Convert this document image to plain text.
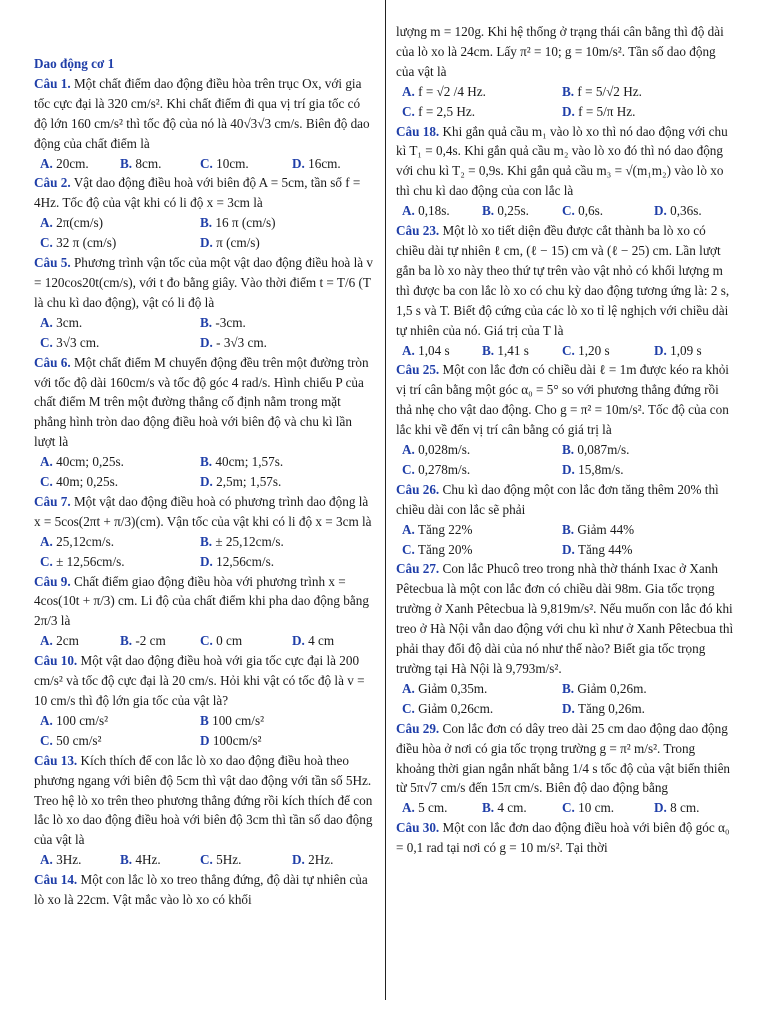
Dao động cơ 1
Câu 1. Một chất điểm dao động điều hòa trên trục Ox, với gia tốc cực đại là 320 cm/s². Khi chất điểm đi qua vị trí gia tốc có độ lớn 160 cm/s² thì tốc độ của nó là 40√3√3 cm/s. Biên độ dao động của chất điểm là
A. 20cm.	B. 8cm.	C. 10cm.	D. 16cm.
Câu 2. Vật dao động điều hoà với biên độ A = 5cm, tần số f = 4Hz. Tốc độ của vật khi có li độ x = 3cm là
A. 2π(cm/s)	B. 16 π (cm/s)
C. 32 π (cm/s)	D. π (cm/s)
Câu 5. Phương trình vận tốc của một vật dao động điều hoà là v = 120cos20t(cm/s), với t đo bằng giây. Vào thời điểm t = T/6 (T là chu kì dao động), vật có li độ là
A. 3cm.	B. -3cm.
C. 3√3 cm.	D. - 3√3 cm.
Câu 6. Một chất điểm M chuyển động đều trên một đường tròn với tốc độ dài 160cm/s và tốc độ góc 4 rad/s. Hình chiếu P của chất điểm M trên một đường thẳng cố định nằm trong mặt phẳng hình tròn dao động điều hoà với biên độ và chu kì lần lượt là
A. 40cm; 0,25s.	B. 40cm; 1,57s.
C. 40m; 0,25s.	D. 2,5m; 1,57s.
Câu 7. Một vật dao động điều hoà có phương trình dao động là x = 5cos(2πt + π/3)(cm). Vận tốc của vật khi có li độ x = 3cm là
A. 25,12cm/s.	B. ± 25,12cm/s.
C. ± 12,56cm/s.	D. 12,56cm/s.
Câu 9. Chất điểm giao động điều hòa với phương trình x = 4cos(10t + π/3) cm. Li độ của chất điểm khi pha dao động bằng 2π/3 là
A. 2cm	B. -2 cm	C. 0 cm	D. 4 cm
Câu 10. Một vật dao động điều hoà với gia tốc cực đại là 200 cm/s² và tốc độ cực đại là 20 cm/s. Hỏi khi vật có tốc độ là v = 10 cm/s thì độ lớn gia tốc của vật là?
A. 100 cm/s²	B 100 cm/s²
C. 50 cm/s²	D 100cm/s²
Câu 13. Kích thích để con lắc lò xo dao động điều hoà theo phương ngang với biên độ 5cm thì vật dao động với tần số 5Hz. Treo hệ lò xo trên theo phương thẳng đứng rồi kích thích để con lắc lò xo dao động điều hoà với biên độ 3cm thì tần số dao động của vật là
A. 3Hz.	B. 4Hz.	C. 5Hz.	D. 2Hz.
Câu 14. Một con lắc lò xo treo thẳng đứng, độ dài tự nhiên của lò xo là 22cm. Vật mắc vào lò xo có khối
lượng m = 120g. Khi hệ thống ở trạng thái cân bằng thì độ dài của lò xo là 24cm. Lấy π² = 10; g = 10m/s². Tần số dao động của vật là
A. f = √2 /4 Hz.	B. f = 5/√2 Hz.
C. f = 2,5 Hz.	D. f = 5/π Hz.
Câu 18. Khi gắn quả cầu m₁ vào lò xo thì nó dao động với chu kì T₁ = 0,4s. Khi gắn quả cầu m₂ vào lò xo đó thì nó dao động với chu kì T₂ = 0,9s. Khi gắn quả cầu m₃ = √(m₁m₂) vào lò xo thì chu kì dao động của con lắc là
A. 0,18s.	B. 0,25s.	C. 0,6s.	D. 0,36s.
Câu 23. Một lò xo tiết diện đều được cắt thành ba lò xo có chiều dài tự nhiên ℓ cm, (ℓ − 15) cm và (ℓ − 25) cm. Lần lượt gắn ba lò xo này theo thứ tự trên vào vật nhỏ có khối lượng m thì được ba con lắc lò xo có chu kỳ dao động tương ứng là: 2 s, 1,5 s và T. Biết độ cứng của các lò xo tỉ lệ nghịch với chiều dài tự nhiên của nó. Giá trị của T là
A. 1,04 s	B. 1,41 s	C. 1,20 s	D. 1,09 s
Câu 25. Một con lắc đơn có chiều dài ℓ = 1m được kéo ra khỏi vị trí cân bằng một góc α₀ = 5° so với phương thẳng đứng rồi thả nhẹ cho vật dao động. Cho g = π² = 10m/s². Tốc độ của con lắc khi về đến vị trí cân bằng có giá trị là
A. 0,028m/s.	B. 0,087m/s.
C. 0,278m/s.	D. 15,8m/s.
Câu 26. Chu kì dao động một con lắc đơn tăng thêm 20% thì chiều dài con lắc sẽ phải
A. Tăng 22%	B. Giảm 44%
C. Tăng 20%	D. Tăng 44%
Câu 27. Con lắc Phucô treo trong nhà thờ thánh Ixac ở Xanh Pêtecbua là một con lắc đơn có chiều dài 98m. Gia tốc trọng trường ở Xanh Pêtecbua là 9,819m/s². Nếu muốn con lắc đó khi treo ở Hà Nội vẫn dao động với chu kì như ở Xanh Pêtecbua thì phải thay đổi độ dài của nó như thế nào? Biết gia tốc trọng trường tại Hà Nội là 9,793m/s².
A. Giảm 0,35m.	B. Giảm 0,26m.
C. Giảm 0,26cm.	D. Tăng 0,26m.
Câu 29. Con lắc đơn có dây treo dài 25 cm dao động dao động điều hòa ở nơi có gia tốc trọng trường g = π² m/s². Trong khoảng thời gian ngắn nhất bằng 1/4 s tốc độ của vật biến thiên từ 5π√7 cm/s đến 15π cm/s. Biên độ dao động bằng
A. 5 cm.	B. 4 cm.	C. 10 cm.	D. 8 cm.
Câu 30. Một con lắc đơn dao động điều hoà với biên độ góc α₀ = 0,1 rad tại nơi có g = 10 m/s². Tại thời
